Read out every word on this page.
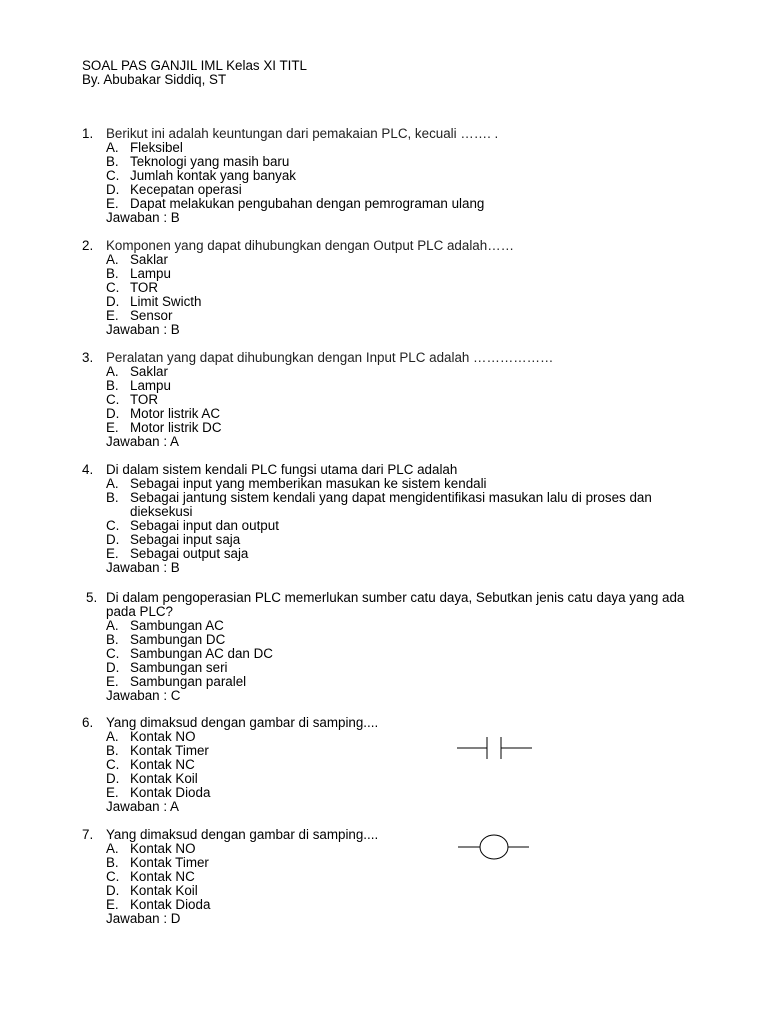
SOAL PAS GANJIL IML Kelas XI TITL
By. Abubakar Siddiq, ST
1. Berikut ini adalah keuntungan dari pemakaian PLC, kecuali ……. .
A. Fleksibel
B. Teknologi yang masih baru
C. Jumlah kontak yang banyak
D. Kecepatan operasi
E. Dapat melakukan pengubahan dengan pemrograman ulang
Jawaban : B
2. Komponen yang dapat dihubungkan dengan Output PLC adalah……
A. Saklar
B. Lampu
C. TOR
D. Limit Swicth
E. Sensor
Jawaban : B
3. Peralatan yang dapat dihubungkan dengan Input PLC adalah ………………
A. Saklar
B. Lampu
C. TOR
D. Motor listrik AC
E. Motor listrik DC
Jawaban : A
4. Di dalam sistem kendali PLC fungsi utama dari PLC adalah
A. Sebagai input yang memberikan masukan ke sistem kendali
B. Sebagai jantung sistem kendali yang dapat mengidentifikasi masukan lalu di proses dan dieksekusi
C. Sebagai input dan output
D. Sebagai input saja
E. Sebagai output saja
Jawaban : B
5. Di dalam pengoperasian PLC memerlukan sumber catu daya, Sebutkan jenis catu daya yang ada pada PLC?
A. Sambungan AC
B. Sambungan DC
C. Sambungan AC dan DC
D. Sambungan seri
E. Sambungan paralel
Jawaban : C
6. Yang dimaksud dengan gambar di samping....
A. Kontak NO
B. Kontak Timer
C. Kontak NC
D. Kontak Koil
E. Kontak Dioda
Jawaban : A
7. Yang dimaksud dengan gambar di samping....
A. Kontak NO
B. Kontak Timer
C. Kontak NC
D. Kontak Koil
E. Kontak Dioda
Jawaban : D
